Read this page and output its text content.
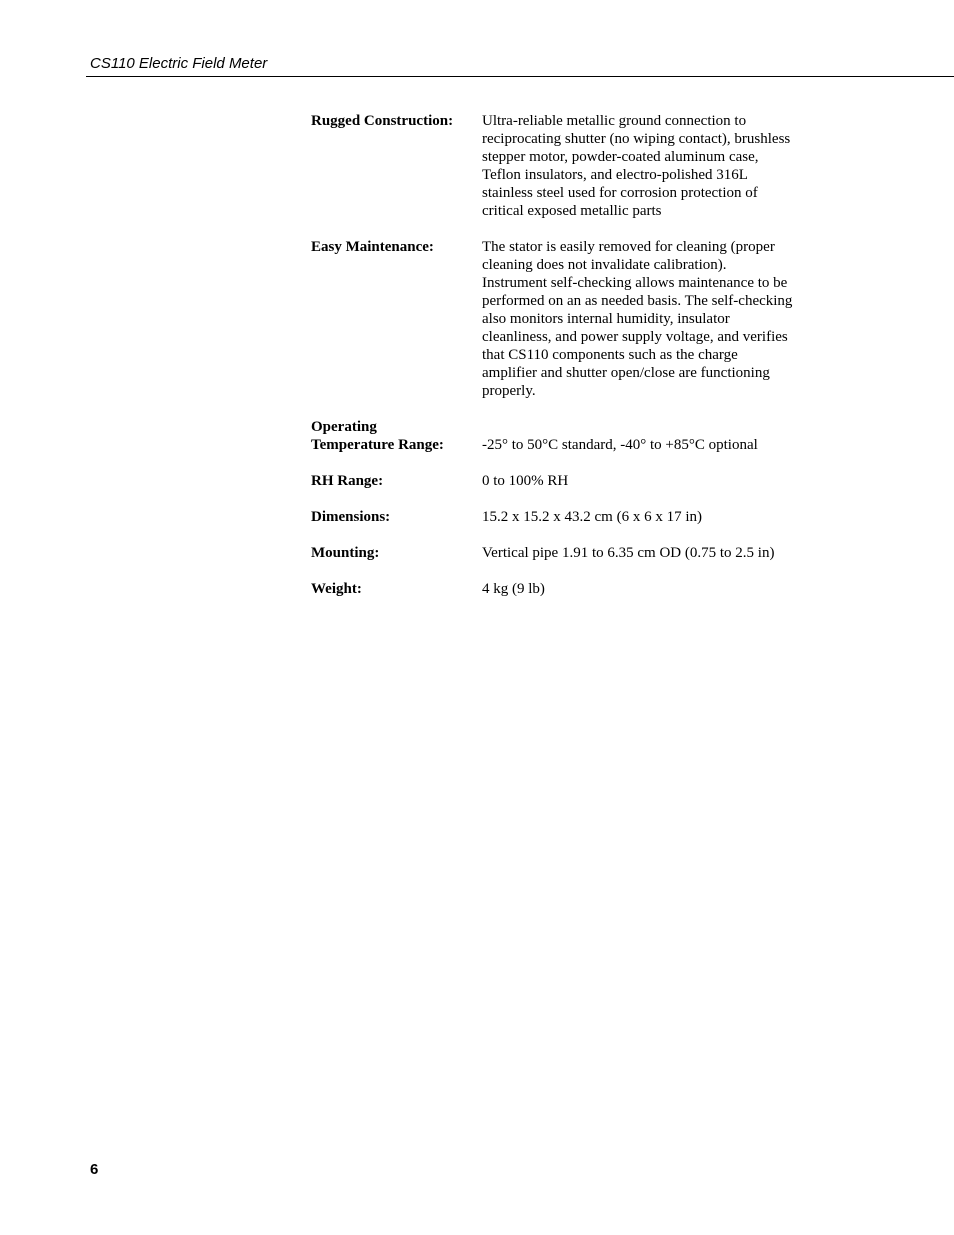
CS110 Electric Field Meter
Rugged Construction:	Ultra-reliable metallic ground connection to
reciprocating shutter (no wiping contact), brushless
stepper motor, powder-coated aluminum case,
Teflon insulators, and electro-polished 316L
stainless steel used for corrosion protection of
critical exposed metallic parts
Easy Maintenance:	The stator is easily removed for cleaning (proper
cleaning does not invalidate calibration).
Instrument self-checking allows maintenance to be
performed on an as needed basis. The self-checking
also monitors internal humidity, insulator
cleanliness, and power supply voltage, and verifies
that CS110 components such as the charge
amplifier and shutter open/close are functioning
properly.
Operating
Temperature Range:	-25° to 50°C standard, -40° to +85°C optional
RH Range:	0 to 100% RH
Dimensions:	15.2 x 15.2 x 43.2 cm (6 x 6 x 17 in)
Mounting:	Vertical pipe 1.91 to 6.35 cm OD (0.75 to 2.5 in)
Weight:	4 kg (9 lb)
6
